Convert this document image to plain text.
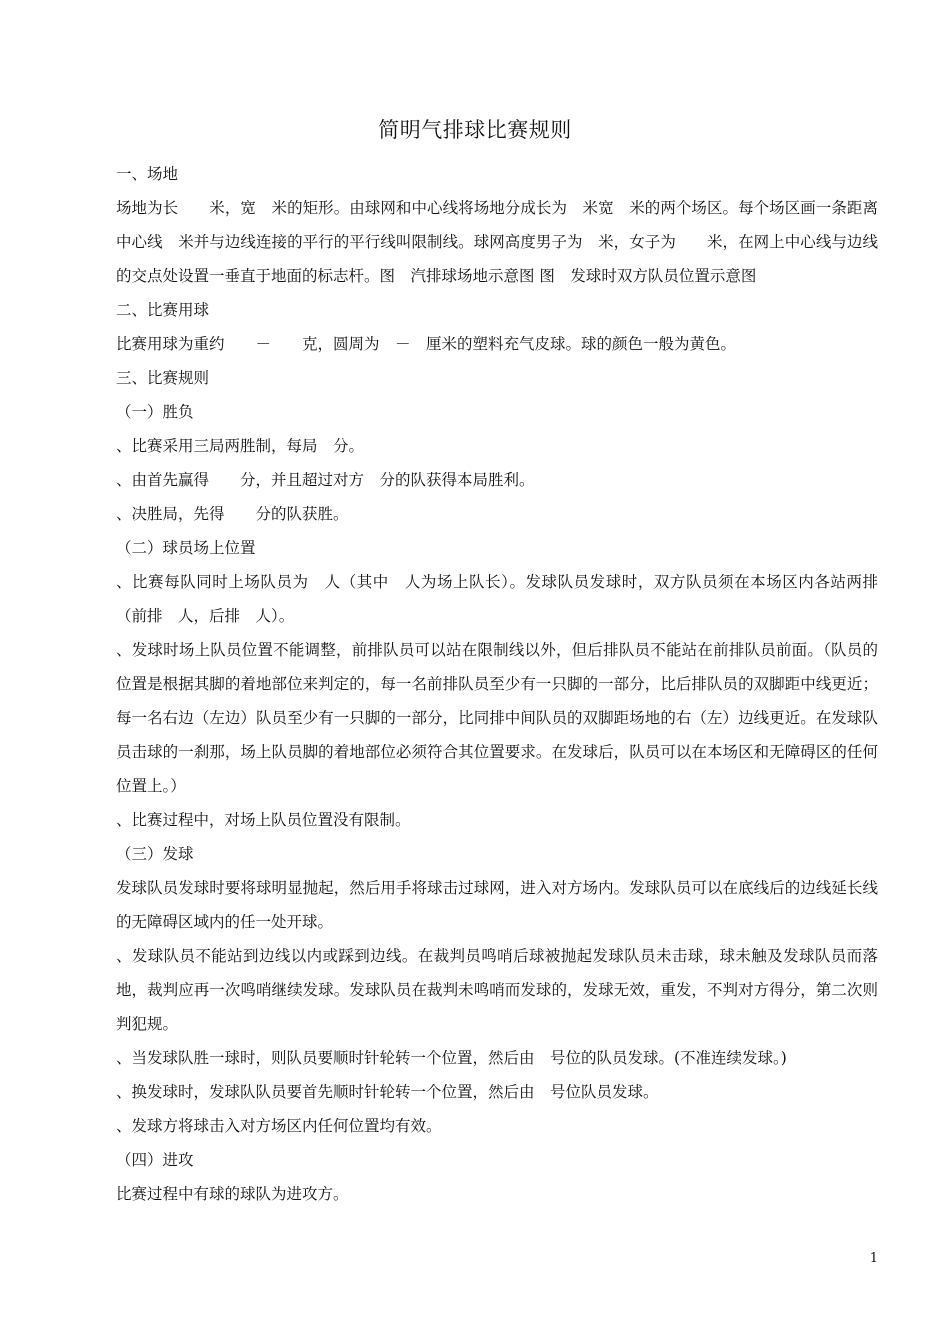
简明气排球比赛规则

一、场地

场地为长　　米，宽　米的矩形。由球网和中心线将场地分成长为　米宽　米的两个场区。每个场区画一条距离中心线　米并与边线连接的平行的平行线叫限制线。球网高度男子为　米，女子为　　米，在网上中心线与边线的交点处设置一垂直于地面的标志杆。图　汽排球场地示意图 图　发球时双方队员位置示意图

二、比赛用球

比赛用球为重约　　－　　克，圆周为　－　厘米的塑料充气皮球。球的颜色一般为黄色。

三、比赛规则

（一）胜负

、比赛采用三局两胜制，每局　分。

、由首先赢得　　分，并且超过对方　分的队获得本局胜利。

、决胜局，先得　　分的队获胜。

（二）球员场上位置

、比赛每队同时上场队员为　人（其中　人为场上队长）。发球队员发球时，双方队员须在本场区内各站两排（前排　人，后排　人）。

、发球时场上队员位置不能调整，前排队员可以站在限制线以外，但后排队员不能站在前排队员前面。（队员的位置是根据其脚的着地部位来判定的，每一名前排队员至少有一只脚的一部分，比后排队员的双脚距中线更近；每一名右边（左边）队员至少有一只脚的一部分，比同排中间队员的双脚距场地的右（左）边线更近。在发球队员击球的一刹那，场上队员脚的着地部位必须符合其位置要求。在发球后，队员可以在本场区和无障碍区的任何位置上。）

、比赛过程中，对场上队员位置没有限制。

（三）发球

发球队员发球时要将球明显抛起，然后用手将球击过球网，进入对方场内。发球队员可以在底线后的边线延长线的无障碍区域内的任一处开球。

、发球队员不能站到边线以内或踩到边线。在裁判员鸣哨后球被抛起发球队员未击球，球未触及发球队员而落地，裁判应再一次鸣哨继续发球。发球队员在裁判未鸣哨而发球的，发球无效，重发，不判对方得分，第二次则判犯规。

、当发球队胜一球时，则队员要顺时针轮转一个位置，然后由　号位的队员发球。(不准连续发球。)

、换发球时，发球队队员要首先顺时针轮转一个位置，然后由　号位队员发球。

、发球方将球击入对方场区内任何位置均有效。

（四）进攻

比赛过程中有球的球队为进攻方。

1
